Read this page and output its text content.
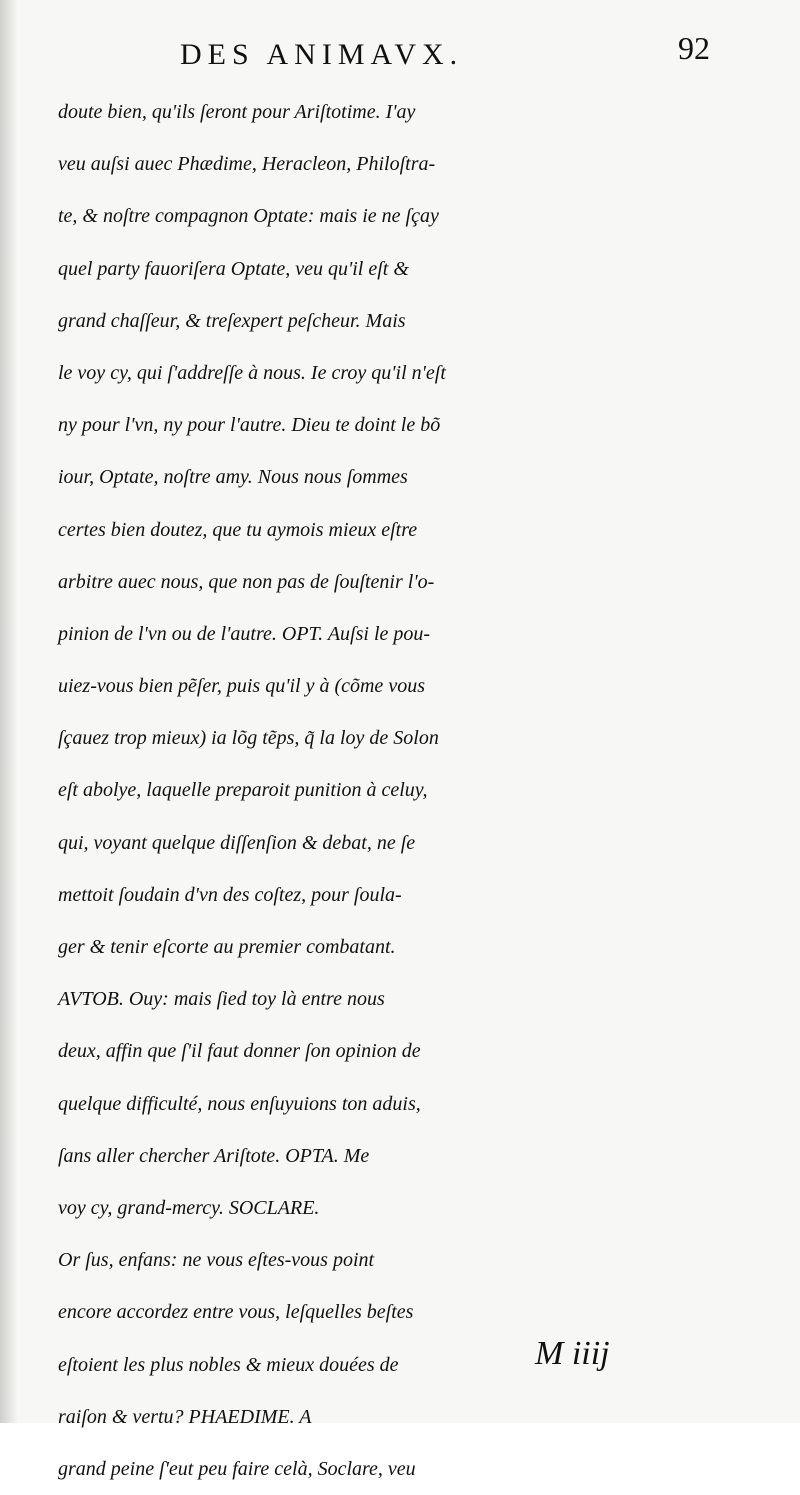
DES ANIMAVX.	92
doute bien, qu'ils ſeront pour Ariſtotime. I'ay
veu auſsi auec Phædime, Heracleon, Philoſtra-
te, & noſtre compagnon Optate: mais ie ne ſçay
quel party fauoriſera Optate, veu qu'il eſt &
grand chaſſeur, & treſexpert peſcheur. Mais
le voy cy, qui ſ'addreſſe à nous. Ie croy qu'il n'eſt
ny pour l'vn, ny pour l'autre. Dieu te doint le bõ
iour, Optate, noſtre amy. Nous nous ſommes
certes bien doutez, que tu aymois mieux eſtre
arbitre auec nous, que non pas de ſouſtenir l'o-
pinion de l'vn ou de l'autre. OPT. Auſsi le pou-
uiez-vous bien pẽſer, puis qu'il y à (cõme vous
ſçauez trop mieux) ia lõg tẽps, q̃ la loy de Solon
eſt abolye, laquelle preparoit punition à celuy,
qui, voyant quelque diſſenſion & debat, ne ſe
mettoit ſoudain d'vn des coſtez, pour ſoula-
ger & tenir eſcorte au premier combatant.
AVTOB. Ouy: mais ſied toy là entre nous
deux, affin que ſ'il faut donner ſon opinion de
quelque difficulté, nous enſuyuions ton aduis,
ſans aller chercher Ariſtote. OPTA. Me
voy cy, grand-mercy. SOCLARE.
Or ſus, enfans: ne vous eſtes-vous point
encore accordez entre vous, leſquelles beſtes
eſtoient les plus nobles & mieux douées de
raiſon & vertu? PHAEDIME. A
grand peine ſ'eut peu faire celà, Soclare, veu
M iiij
